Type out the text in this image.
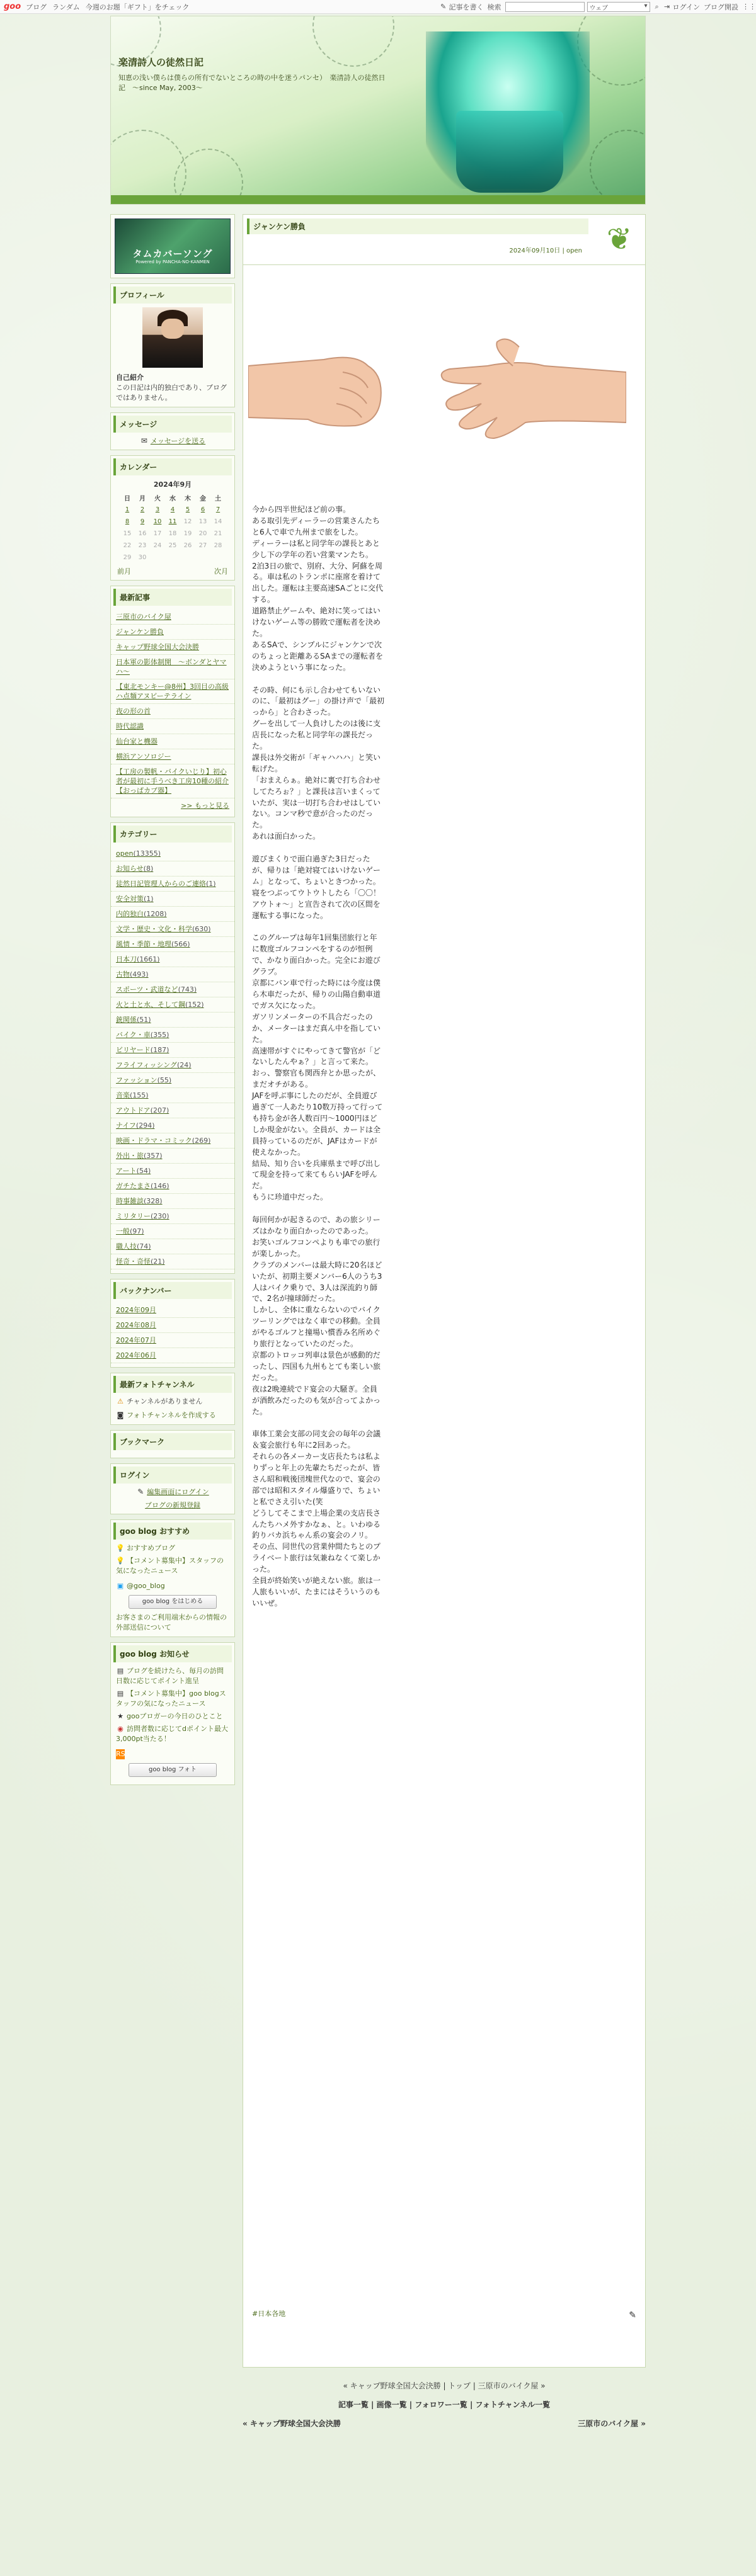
goo ブログ ランダム 今週のお題「ギフト」をチェック	✎ 記事を書く 検索	ウェブ
▾	⌕ ⇥ ログイン ブログ開設 ⋮⋮
楽清詩人の徒然日記
知恵の浅い僕らは僕らの所有でないところの時の中を迷うパンセ）　楽清詩人の徒然日記　～since May, 2003～
タムカバーソング
Powered by PANCHA-NO-KANMEN
プロフィール
自己紹介
この日記は内的独白であり、ブログではありません。
メッセージ
✉ メッセージを送る
カレンダー
2024年9月
日	月	火	水	木	金	土
1	2	3	4	5	6	7
8	9	10	11	12	13	14
15	16	17	18	19	20	21
22	23	24	25	26	27	28
29	30					
前月	次月
最新記事
三原市のバイク屋
ジャンケン勝負
キャップ野球全国大会決勝
日本軍の影体制開　～ボンダとヤマハ～
【東北モンキー@8州】3回目の高級ハ点麺アヌビーテライン
夜の形の首
時代認識
仙台家と機器
横浜アンソロジー
【工房の製帆・バイクいじり】初心者が最初に手うべき工房10種の紹介 【おっぱカブ器】
>> もっと見る
カテゴリー
open(13355)
お知らせ(8)
徒然日記管理人からのご連絡(1)
安全対策(1)
内的独白(1208)
文学・歴史・文化・科学(630)
風情・季節・地理(566)
日本刀(1661)
古物(493)
スポーツ・武道など(743)
火と土と水、そして鋼(152)
銃関係(51)
バイク・車(355)
ビリヤード(187)
フライフィッシング(24)
ファッション(55)
音楽(155)
アウトドア(207)
ナイフ(294)
映画・ドラマ・コミック(269)
外出・旅(357)
アート(54)
ガチたまさ(146)
時事雑談(328)
ミリタリー(230)
一般(97)
職人技(74)
怪奇・奇怪(21)
バックナンバー
2024年09月
2024年08月
2024年07月
2024年06月
最新フォトチャンネル
⚠ チャンネルがありません
◙ フォトチャンネルを作成する
ブックマーク
ログイン
✎ 編集画面にログイン
ブログの新規登録
goo blog おすすめ
💡 おすすめブログ
💡 【コメント募集中】スタッフの気になったニュース
▣ @goo_blog
goo blog をはじめる
お客さまのご利用端末からの情報の外部送信について
goo blog お知らせ
▤ ブログを続けたら、毎月の訪問日数に応じてポイント進呈
▤ 【コメント募集中】goo blogスタッフの気になったニュース
★ gooブロガーの今日のひとこと
◉ 訪問者数に応じてdポイント最大3,000pt当たる！
RSS
goo blog フォト
ジャンケン勝負
2024年09月10日 | open ❦
今から四半世紀ほど前の事。
ある取引先ディーラーの営業さんたちと6人で車で九州まで旅をした。
ディーラーは私と同学年の課長とあと少し下の学年の若い営業マンたち。
2泊3日の旅で、別府、大分、阿蘇を周る。車は私のトランポに座席を着けて出した。運転は主要高速SAごとに交代する。
道路禁止ゲームや、絶対に笑ってはいけないゲーム等の勝敗で運転者を決めた。
あるSAで、シンプルにジャンケンで次のちょっと距離あるSAまでの運転者を決めようという事になった。

その時、何にも示し合わせてもいないのに、「最初はグー」の掛け声で「最初っから」と合わさった。
グーを出して一人負けしたのは後に支店長になった私と同学年の課長だった。
課長は外交術が「ギャハハハ」と笑い転げた。
「おまえらぁ。絶対に裏で打ち合わせしてたろぉ？」と課長は言いまくっていたが、実は一切打ち合わせはしていない。コンマ秒で意が合ったのだった。
あれは面白かった。

遊びまくりで面白過ぎた3日だったが、帰りは「絶対寝てはいけないゲーム」となって、ちょいときつかった。
寝をつぶってウトウトしたら「〇〇！アウトォ～」と宣告されて次の区間を運転する事になった。

このグループは毎年1回集団旅行と年に数度ゴルフコンペをするのが恒例で、かなり面白かった。完全にお遊びグラブ。
京都にバン車で行った時には今度は僕ら木車だったが、帰りの山陽自動車道でガス欠になった。
ガソリンメーターの不具合だったのか、メーターはまだ真ん中を指していた。
高速帯がすぐにやってきて警官が「どないしたんやぁ？」と言って来た。
おっ、警察官も関西弁とか思ったが、まだオチがある。
JAFを呼ぶ事にしたのだが、全員遊び過ぎて一人あたり10数万持って行っても持ち金が各人数百円～1000円ほどしか現金がない。全員が、カードは全員持っているのだが、JAFはカードが使えなかった。
結局、知り合いを兵庫県まで呼び出して現金を持って来てもらいJAFを呼んだ。
もうに珍道中だった。

毎回何かが起きるので、あの旅シリーズはかなり面白かったのであった。
お笑いゴルフコンペよりも車での旅行が楽しかった。
クラブのメンバーは最大時に20名ほどいたが、初期主要メンバー6人のうち3人はバイク乗りで、3人は深流釣り師で、2名が撞球師だった。
しかし、全体に重ならないのでバイクツーリングではなく車での移動。全員がやるゴルフと撞場い慣香み名所めぐり旅行となっていたのだった。
京都のトロッコ列車は景色が感動的だったし、四国も九州もとても楽しい旅だった。
夜は2晩連続でド宴会の大騒ぎ。全員が酒飲みだったのも気が合ってよかった。

車体工業会支部の同支会の毎年の会議＆宴会旅行も年に2回あった。
それらの各メーカー支店長たちは私よりずっと年上の先輩たちだったが、皆さん昭和戦後団塊世代なので、宴会の部では昭和スタイル爆盛りで、ちょいと私でさえ引いた(笑
どうしてそこまで上場企業の支店長さんたちハメ外すかなぁ、と。いわゆる釣りバカ浜ちゃん系の宴会のノリ。
その点、同世代の営業仲間たちとのプライベート旅行は気兼ねなくて楽しかった。
全員が終始笑いが絶えない旅。旅は一人旅もいいが、たまにはそういうのもいいぜ。
#日本各地	✎
« キャップ野球全国大会決勝 | トップ | 三原市のバイク屋 »
記事一覧 | 画像一覧 | フォロワー一覧 | フォトチャンネル一覧
« キャップ野球全国大会決勝	三原市のバイク屋 »
